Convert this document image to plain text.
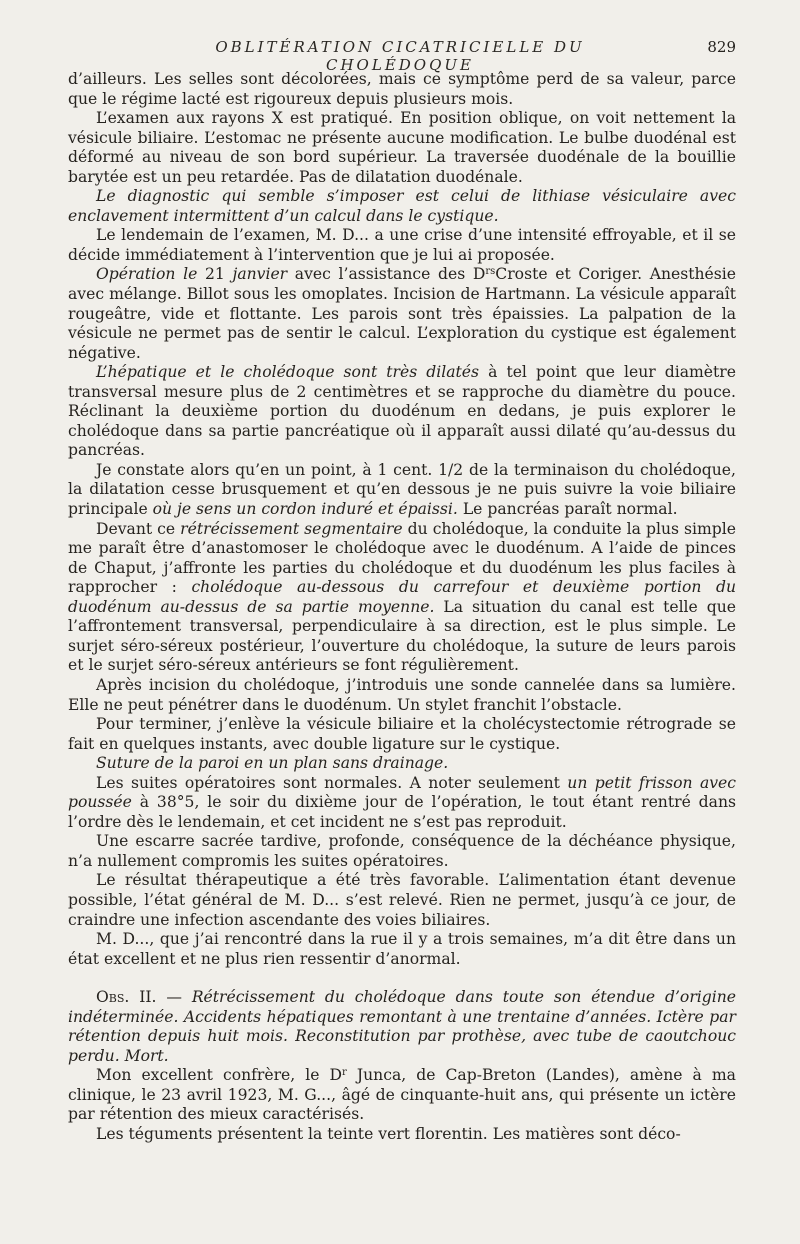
OBLITÉRATION CICATRICIELLE DU CHOLÉDOQUE
829

d’ailleurs. Les selles sont décolorées, mais ce symptôme perd de sa valeur, parce que le régime lacté est rigoureux depuis plusieurs mois.

L’examen aux rayons X est pratiqué. En position oblique, on voit nettement la vésicule biliaire. L’estomac ne présente aucune modification. Le bulbe duodénal est déformé au niveau de son bord supérieur. La traversée duodénale de la bouillie barytée est un peu retardée. Pas de dilatation duodénale.

Le diagnostic qui semble s’imposer est celui de lithiase vésiculaire avec enclavement intermittent d’un calcul dans le cystique.

Le lendemain de l’examen, M. D... a une crise d’une intensité effroyable, et il se décide immédiatement à l’intervention que je lui ai proposée.

Opération le 21 janvier avec l’assistance des $D^{rs}Croste$ et Coriger. Anesthésie avec mélange. Billot sous les omoplates. Incision de Hartmann. La vésicule apparaît rougeâtre, vide et flottante. Les parois sont très épaissies. La palpation de la vésicule ne permet pas de sentir le calcul. L’exploration du cystique est également négative.

L’hépatique et le cholédoque sont très dilatés à tel point que leur diamètre transversal mesure plus de 2 centimètres et se rapproche du diamètre du pouce. Réclinant la deuxième portion du duodénum en dedans, je puis explorer le cholédoque dans sa partie pancréatique où il apparaît aussi dilaté qu’au-dessus du pancréas.

Je constate alors qu’en un point, à 1 cent. 1/2 de la terminaison du cholédoque, la dilatation cesse brusquement et qu’en dessous je ne puis suivre la voie biliaire principale où je sens un cordon induré et épaissi. Le pancréas paraît normal.

Devant ce rétrécissement segmentaire du cholédoque, la conduite la plus simple me paraît être d’anastomoser le cholédoque avec le duodénum. A l’aide de pinces de Chaput, j’affronte les parties du cholédoque et du duodénum les plus faciles à rapprocher : cholédoque au-dessous du carrefour et deuxième portion du duodénum au-dessus de sa partie moyenne. La situation du canal est telle que l’affrontement transversal, perpendiculaire à sa direction, est le plus simple. Le surjet séro-séreux postérieur, l’ouverture du cholédoque, la suture de leurs parois et le surjet séro-séreux antérieurs se font régulièrement.

Après incision du cholédoque, j’introduis une sonde cannelée dans sa lumière. Elle ne peut pénétrer dans le duodénum. Un stylet franchit l’obstacle.

Pour terminer, j’enlève la vésicule biliaire et la cholécystectomie rétrograde se fait en quelques instants, avec double ligature sur le cystique.

Suture de la paroi en un plan sans drainage.

Les suites opératoires sont normales. A noter seulement un petit frisson avec poussée à 38°5, le soir du dixième jour de l’opération, le tout étant rentré dans l’ordre dès le lendemain, et cet incident ne s’est pas reproduit.

Une escarre sacrée tardive, profonde, conséquence de la déchéance physique, n’a nullement compromis les suites opératoires.

Le résultat thérapeutique a été très favorable. L’alimentation étant devenue possible, l’état général de M. D... s’est relevé. Rien ne permet, jusqu’à ce jour, de craindre une infection ascendante des voies biliaires.

M. D..., que j’ai rencontré dans la rue il y a trois semaines, m’a dit être dans un état excellent et ne plus rien ressentir d’anormal.

Obs. II. — Rétrécissement du cholédoque dans toute son étendue d’origine indéterminée. Accidents hépatiques remontant à une trentaine d’années. Ictère par rétention depuis huit mois. Reconstitution par prothèse, avec tube de caoutchouc perdu. Mort.

Mon excellent confrère, le $D^r$ Junca, de Cap-Breton (Landes), amène à ma clinique, le 23 avril 1923, M. G..., âgé de cinquante-huit ans, qui présente un ictère par rétention des mieux caractérisés.

Les téguments présentent la teinte vert florentin. Les matières sont déco-
